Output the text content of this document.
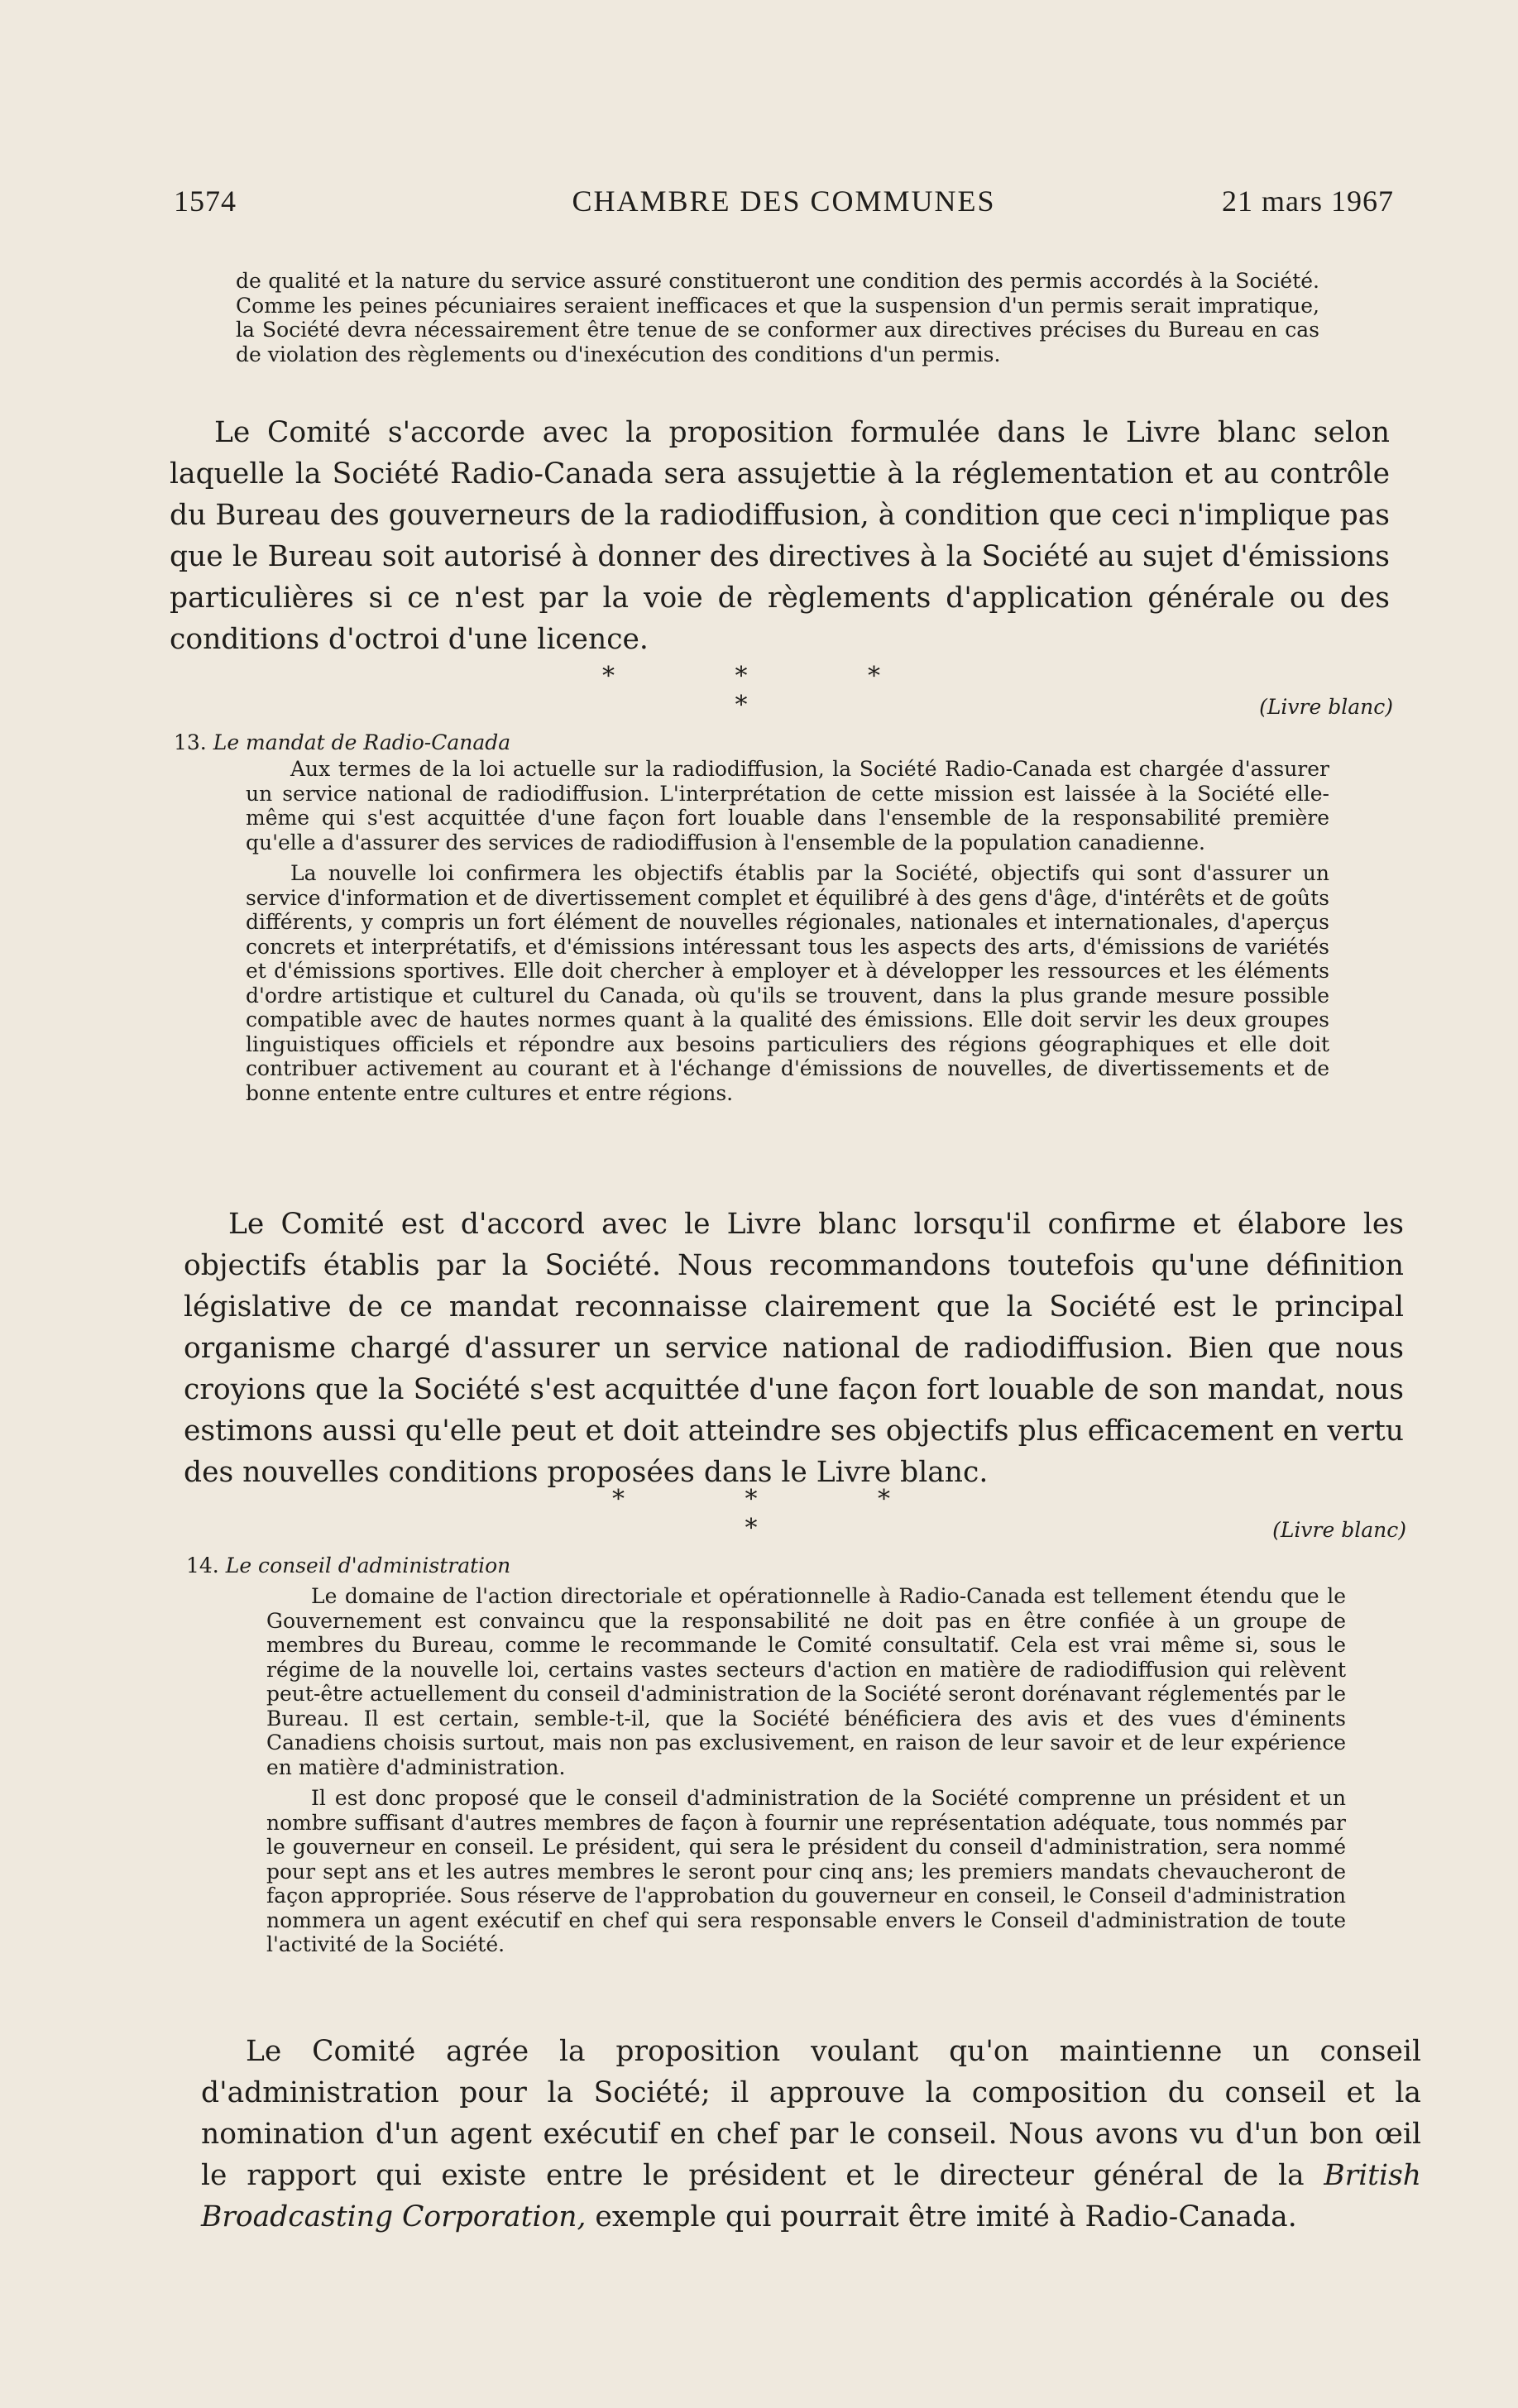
1574	CHAMBRE DES COMMUNES	21 mars 1967
de qualité et la nature du service assuré constitueront une condition des permis accordés à la Société. Comme les peines pécuniaires seraient inefficaces et que la suspension d'un permis serait impratique, la Société devra nécessairement être tenue de se conformer aux directives précises du Bureau en cas de violation des règlements ou d'inexécution des conditions d'un permis.

Le Comité s'accorde avec la proposition formulée dans le Livre blanc selon laquelle la Société Radio-Canada sera assujettie à la réglementation et au contrôle du Bureau des gouverneurs de la radiodiffusion, à condition que ceci n'implique pas que le Bureau soit autorisé à donner des directives à la Société au sujet d'émissions particulières si ce n'est par la voie de règlements d'application générale ou des conditions d'octroi d'une licence.

* * * *	(Livre blanc)
13. Le mandat de Radio-Canada

Aux termes de la loi actuelle sur la radiodiffusion, la Société Radio-Canada est chargée d'assurer un service national de radiodiffusion. L'interprétation de cette mission est laissée à la Société elle-même qui s'est acquittée d'une façon fort louable dans l'ensemble de la responsabilité première qu'elle a d'assurer des services de radiodiffusion à l'ensemble de la population canadienne.

La nouvelle loi confirmera les objectifs établis par la Société, objectifs qui sont d'assurer un service d'information et de divertissement complet et équilibré à des gens d'âge, d'intérêts et de goûts différents, y compris un fort élément de nouvelles régionales, nationales et internationales, d'aperçus concrets et interprétatifs, et d'émissions intéressant tous les aspects des arts, d'émissions de variétés et d'émissions sportives. Elle doit chercher à employer et à développer les ressources et les éléments d'ordre artistique et culturel du Canada, où qu'ils se trouvent, dans la plus grande mesure possible compatible avec de hautes normes quant à la qualité des émissions. Elle doit servir les deux groupes linguistiques officiels et répondre aux besoins particuliers des régions géographiques et elle doit contribuer activement au courant et à l'échange d'émissions de nouvelles, de divertissements et de bonne entente entre cultures et entre régions.

Le Comité est d'accord avec le Livre blanc lorsqu'il confirme et élabore les objectifs établis par la Société. Nous recommandons toutefois qu'une définition législative de ce mandat reconnaisse clairement que la Société est le principal organisme chargé d'assurer un service national de radiodiffusion. Bien que nous croyions que la Société s'est acquittée d'une façon fort louable de son mandat, nous estimons aussi qu'elle peut et doit atteindre ses objectifs plus efficacement en vertu des nouvelles conditions proposées dans le Livre blanc.

* * * *	(Livre blanc)
14. Le conseil d'administration

Le domaine de l'action directoriale et opérationnelle à Radio-Canada est tellement étendu que le Gouvernement est convaincu que la responsabilité ne doit pas en être confiée à un groupe de membres du Bureau, comme le recommande le Comité consultatif. Cela est vrai même si, sous le régime de la nouvelle loi, certains vastes secteurs d'action en matière de radiodiffusion qui relèvent peut-être actuellement du conseil d'administration de la Société seront dorénavant réglementés par le Bureau. Il est certain, semble-t-il, que la Société bénéficiera des avis et des vues d'éminents Canadiens choisis surtout, mais non pas exclusivement, en raison de leur savoir et de leur expérience en matière d'administration.

Il est donc proposé que le conseil d'administration de la Société comprenne un président et un nombre suffisant d'autres membres de façon à fournir une représentation adéquate, tous nommés par le gouverneur en conseil. Le président, qui sera le président du conseil d'administration, sera nommé pour sept ans et les autres membres le seront pour cinq ans; les premiers mandats chevaucheront de façon appropriée. Sous réserve de l'approbation du gouverneur en conseil, le Conseil d'administration nommera un agent exécutif en chef qui sera responsable envers le Conseil d'administration de toute l'activité de la Société.

Le Comité agrée la proposition voulant qu'on maintienne un conseil d'administration pour la Société; il approuve la composition du conseil et la nomination d'un agent exécutif en chef par le conseil. Nous avons vu d'un bon œil le rapport qui existe entre le président et le directeur général de la British Broadcasting Corporation, exemple qui pourrait être imité à Radio-Canada.
